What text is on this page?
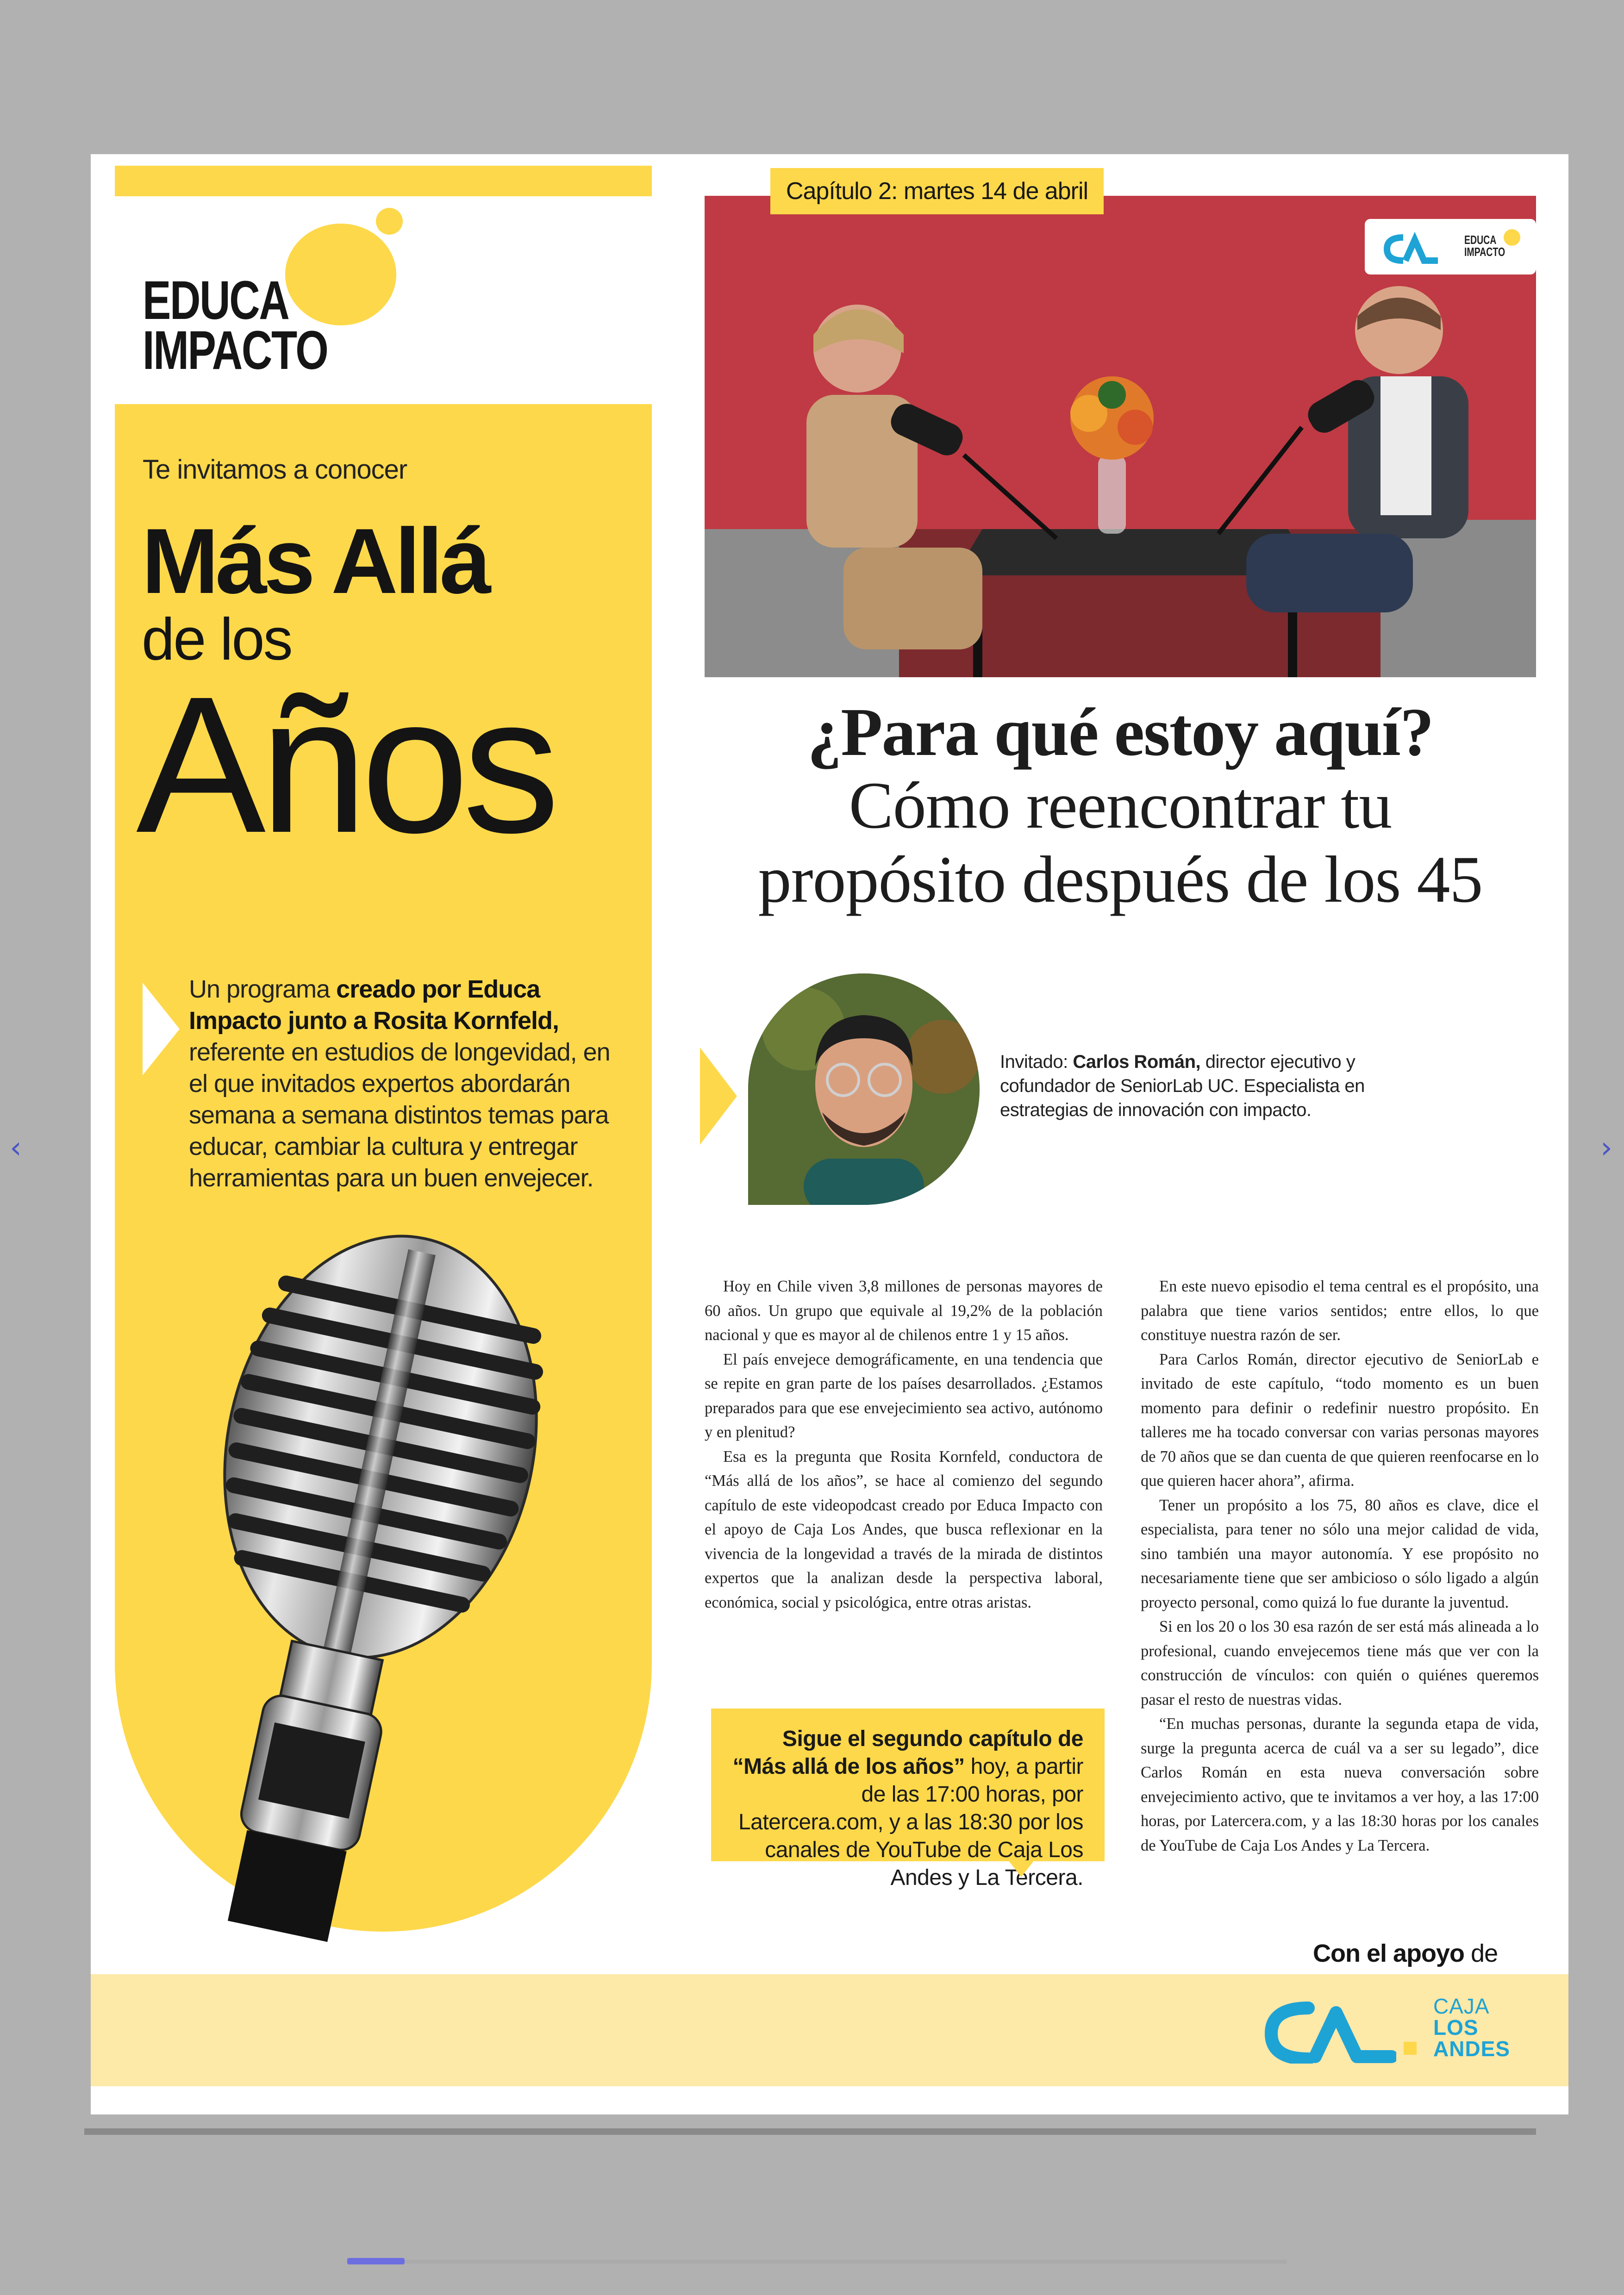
‹	›
EDUCA
IMPACTO
Te invitamos a conocer
Más Allá
de los
Años
Un programa creado por Educa Impacto junto a Rosita Kornfeld, referente en estudios de longevidad, en el que invitados expertos abordarán semana a semana distintos temas para educar, cambiar la cultura y entregar herramientas para un buen envejecer.
Capítulo 2: martes 14 de abril
EDUCA
IMPACTO
¿Para qué estoy aquí?
Cómo reencontrar tu
propósito después de los 45
Invitado: Carlos Román, director ejecutivo y cofundador de SeniorLab UC. Especialista en estrategias de innovación con impacto.

Hoy en Chile viven 3,8 millones de personas mayores de 60 años. Un grupo que equivale al 19,2% de la población nacional y que es mayor al de chilenos entre 1 y 15 años.

El país envejece demográficamente, en una tendencia que se repite en gran parte de los países desarrollados. ¿Estamos preparados para que ese envejecimiento sea activo, autónomo y en plenitud?

Esa es la pregunta que Rosita Kornfeld, conductora de “Más allá de los años”, se hace al comienzo del segundo capítulo de este videopodcast creado por Educa Impacto con el apoyo de Caja Los Andes, que busca reflexionar en la vivencia de la longevidad a través de la mirada de distintos expertos que la analizan desde la perspectiva laboral, económica, social y psicológica, entre otras aristas.

En este nuevo episodio el tema central es el propósito, una palabra que tiene varios sentidos; entre ellos, lo que constituye nuestra razón de ser.

Para Carlos Román, director ejecutivo de SeniorLab e invitado de este capítulo, “todo momento es un buen momento para definir o redefinir nuestro propósito. En talleres me ha tocado conversar con varias personas mayores de 70 años que se dan cuenta de que quieren reenfocarse en lo que quieren hacer ahora”, afirma.

Tener un propósito a los 75, 80 años es clave, dice el especialista, para tener no sólo una mejor calidad de vida, sino también una mayor autonomía. Y ese propósito no necesariamente tiene que ser ambicioso o sólo ligado a algún proyecto personal, como quizá lo fue durante la juventud.

Si en los 20 o los 30 esa razón de ser está más alineada a lo profesional, cuando envejecemos tiene más que ver con la construcción de vínculos: con quién o quiénes queremos pasar el resto de nuestras vidas.

“En muchas personas, durante la segunda etapa de vida, surge la pregunta acerca de cuál va a ser su legado”, dice Carlos Román en esta nueva conversación sobre envejecimiento activo, que te invitamos a ver hoy, a las 17:00 horas, por Latercera.com, y a las 18:30 horas por los canales de YouTube de Caja Los Andes y La Tercera.

Sigue el segundo capítulo de “Más allá de los años” hoy, a partir de las 17:00 horas, por Latercera.com, y a las 18:30 por los canales de YouTube de Caja Los Andes y La Tercera.
Con el apoyo de
CAJA
LOS
ANDES
